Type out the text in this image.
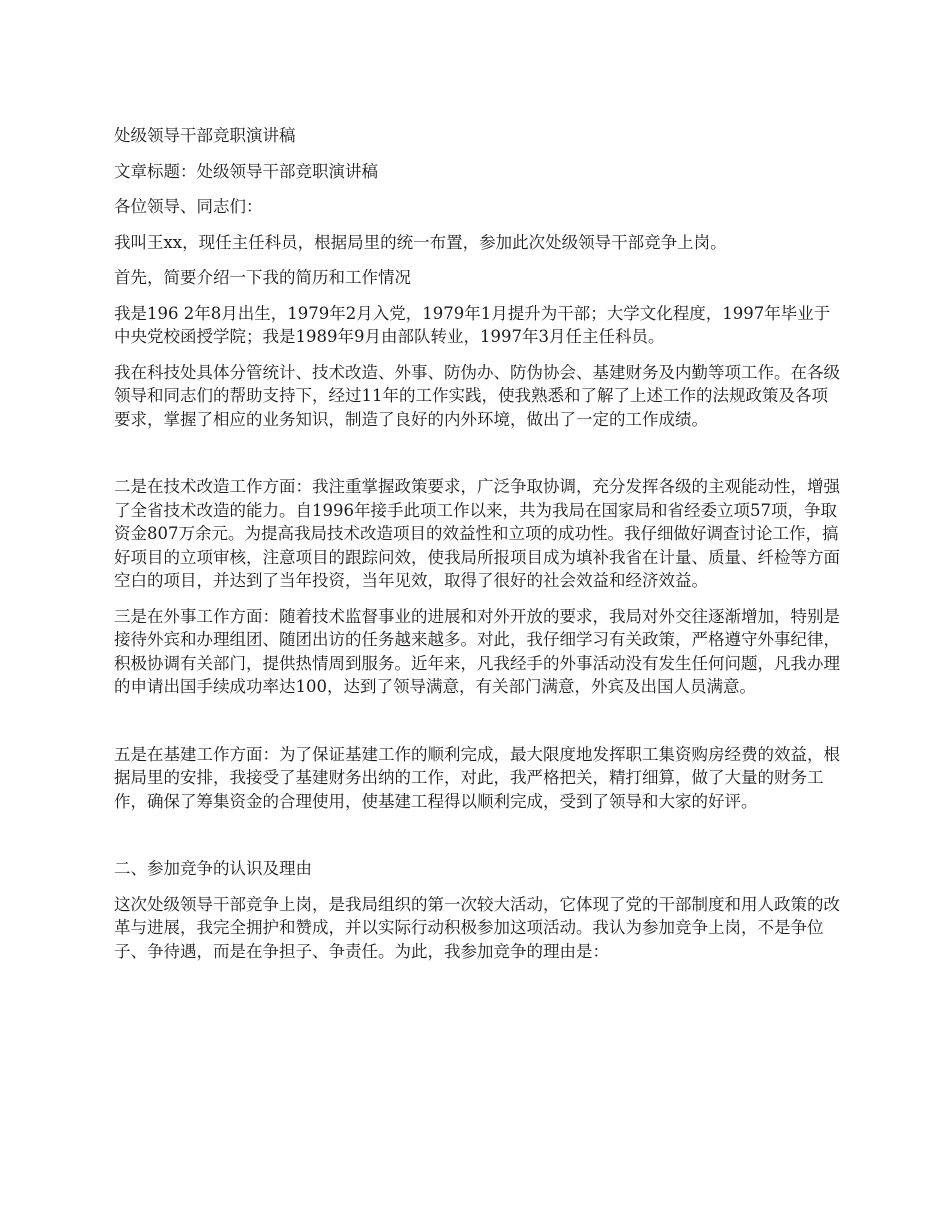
处级领导干部竞职演讲稿

文章标题：处级领导干部竞职演讲稿

各位领导、同志们：

我叫王xx，现任主任科员，根据局里的统一布置，参加此次处级领导干部竞争上岗。

首先，简要介绍一下我的简历和工作情况

我是196 2年8月出生，1979年2月入党，1979年1月提升为干部；大学文化程度，1997年毕业于中央党校函授学院；我是1989年9月由部队转业，1997年3月任主任科员。

我在科技处具体分管统计、技术改造、外事、防伪办、防伪协会、基建财务及内勤等项工作。在各级领导和同志们的帮助支持下，经过11年的工作实践，使我熟悉和了解了上述工作的法规政策及各项要求，掌握了相应的业务知识，制造了良好的内外环境，做出了一定的工作成绩。

二是在技术改造工作方面：我注重掌握政策要求，广泛争取协调，充分发挥各级的主观能动性，增强了全省技术改造的能力。自1996年接手此项工作以来，共为我局在国家局和省经委立项57项，争取资金807万余元。为提高我局技术改造项目的效益性和立项的成功性。我仔细做好调查讨论工作，搞好项目的立项审核，注意项目的跟踪问效，使我局所报项目成为填补我省在计量、质量、纤检等方面空白的项目，并达到了当年投资，当年见效，取得了很好的社会效益和经济效益。

三是在外事工作方面：随着技术监督事业的进展和对外开放的要求，我局对外交往逐渐增加，特别是接待外宾和办理组团、随团出访的任务越来越多。对此，我仔细学习有关政策，严格遵守外事纪律，积极协调有关部门，提供热情周到服务。近年来，凡我经手的外事活动没有发生任何问题，凡我办理的申请出国手续成功率达100，达到了领导满意，有关部门满意，外宾及出国人员满意。

五是在基建工作方面：为了保证基建工作的顺利完成，最大限度地发挥职工集资购房经费的效益，根据局里的安排，我接受了基建财务出纳的工作，对此，我严格把关，精打细算，做了大量的财务工作，确保了筹集资金的合理使用，使基建工程得以顺利完成，受到了领导和大家的好评。

二、参加竞争的认识及理由

这次处级领导干部竞争上岗，是我局组织的第一次较大活动，它体现了党的干部制度和用人政策的改革与进展，我完全拥护和赞成，并以实际行动积极参加这项活动。我认为参加竞争上岗，不是争位子、争待遇，而是在争担子、争责任。为此，我参加竞争的理由是：
